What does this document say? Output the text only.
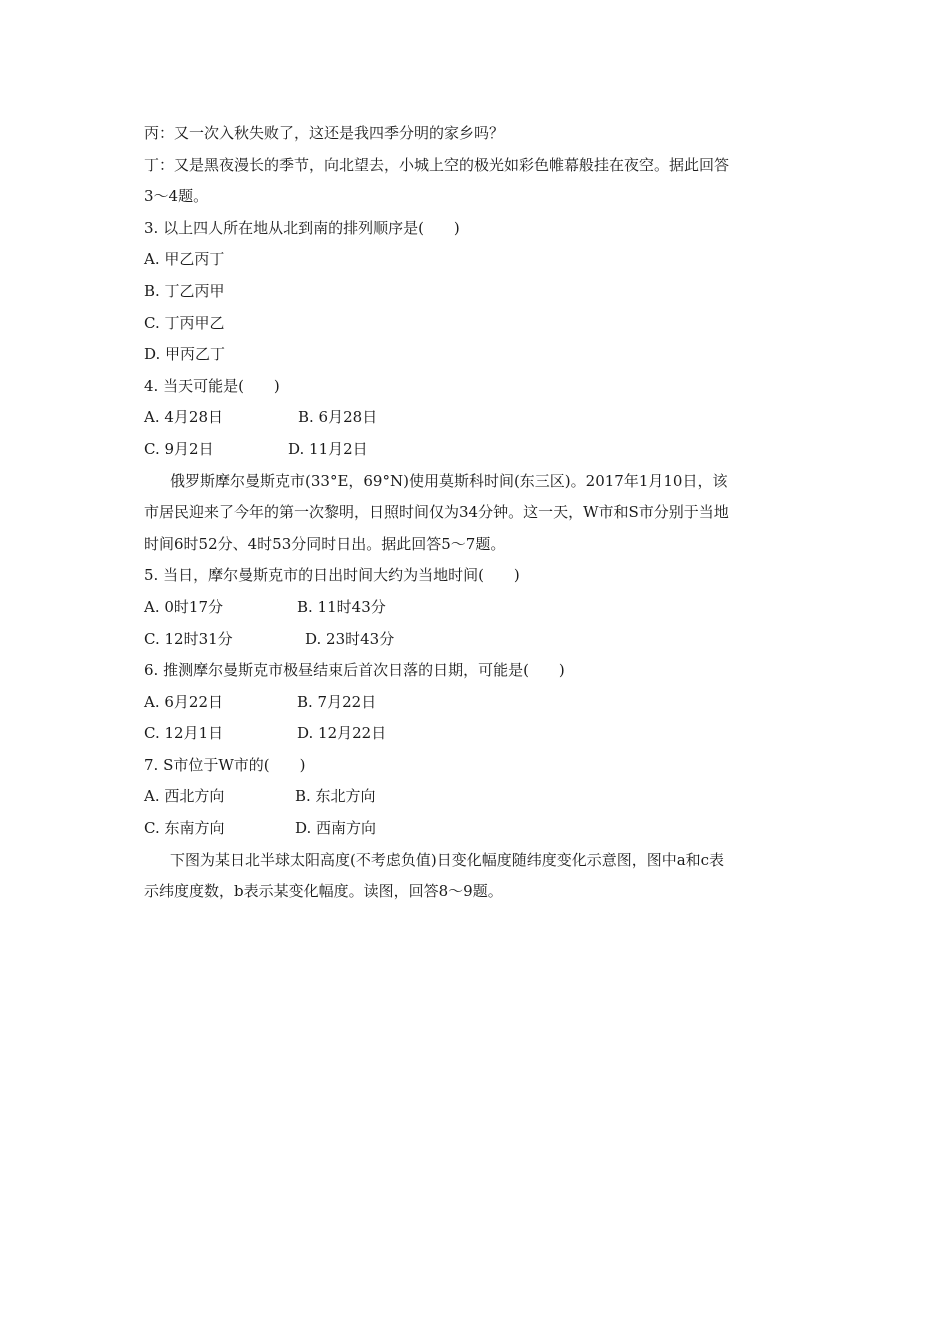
丙：又一次入秋失败了，这还是我四季分明的家乡吗？
丁：又是黑夜漫长的季节，向北望去，小城上空的极光如彩色帷幕般挂在夜空。据此回答
3～4题。
3. 以上四人所在地从北到南的排列顺序是(　　)
A. 甲乙丙丁
B. 丁乙丙甲
C. 丁丙甲乙
D. 甲丙乙丁
4. 当天可能是(　　)
A. 4月28日	B. 6月28日
C. 9月2日	D. 11月2日
俄罗斯摩尔曼斯克市(33°E，69°N)使用莫斯科时间(东三区)。2017年1月10日，该
市居民迎来了今年的第一次黎明，日照时间仅为34分钟。这一天，W市和S市分别于当地
时间6时52分、4时53分同时日出。据此回答5～7题。
5. 当日，摩尔曼斯克市的日出时间大约为当地时间(　　)
A. 0时17分	B. 11时43分
C. 12时31分	D. 23时43分
6. 推测摩尔曼斯克市极昼结束后首次日落的日期，可能是(　　)
A. 6月22日	B. 7月22日
C. 12月1日	D. 12月22日
7. S市位于W市的(　　)
A. 西北方向	B. 东北方向
C. 东南方向	D. 西南方向
下图为某日北半球太阳高度(不考虑负值)日变化幅度随纬度变化示意图，图中a和c表
示纬度度数，b表示某变化幅度。读图，回答8～9题。
